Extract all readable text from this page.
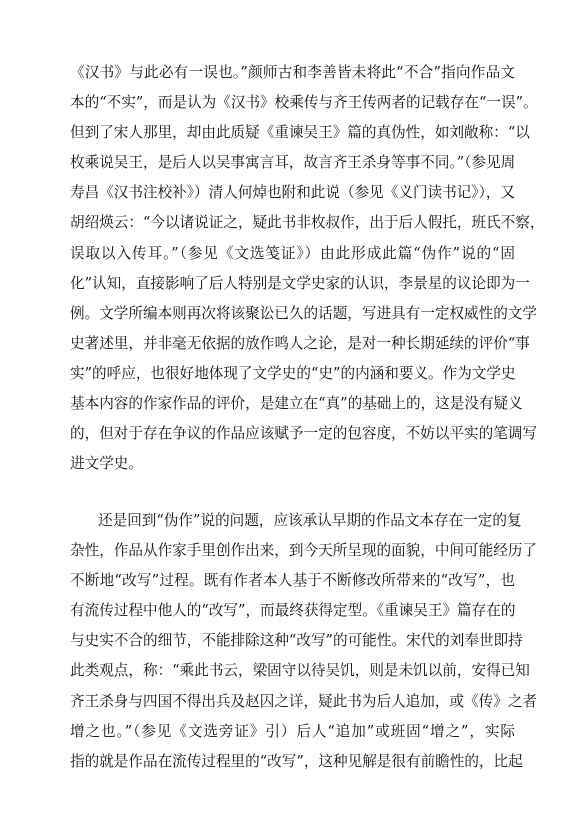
《汉书》与此必有一误也。”颜师古和李善皆未将此“不合”指向作品文
本的“不实”，而是认为《汉书》校乘传与齐王传两者的记载存在“一误”。
但到了宋人那里，却由此质疑《重谏吴王》篇的真伪性，如刘敞称：“以
枚乘说吴王，是后人以吴事寓言耳，故言齐王杀身等事不同。”（参见周
寿昌《汉书注校补》）清人何焯也附和此说（参见《义门读书记》），又
胡绍煐云：“今以诸说证之，疑此书非枚叔作，出于后人假托，班氏不察，
误取以入传耳。”（参见《文选笺证》）由此形成此篇“伪作”说的“固
化”认知，直接影响了后人特别是文学史家的认识，李景星的议论即为一
例。文学所编本则再次将该聚讼已久的话题，写进具有一定权威性的文学
史著述里，并非毫无依据的放作鸣人之论，是对一种长期延续的评价“事
实”的呼应，也很好地体现了文学史的“史”的内涵和要义。作为文学史
基本内容的作家作品的评价，是建立在“真”的基础上的，这是没有疑义
的，但对于存在争议的作品应该赋予一定的包容度，不妨以平实的笔调写
进文学史。
还是回到“伪作”说的问题，应该承认早期的作品文本存在一定的复
杂性，作品从作家手里创作出来，到今天所呈现的面貌，中间可能经历了
不断地“改写”过程。既有作者本人基于不断修改所带来的“改写”，也
有流传过程中他人的“改写”，而最终获得定型。《重谏吴王》篇存在的
与史实不合的细节，不能排除这种“改写”的可能性。宋代的刘奉世即持
此类观点，称：“乘此书云，梁固守以待吴饥，则是未饥以前，安得已知
齐王杀身与四国不得出兵及赵囚之详，疑此书为后人追加，或《传》之者
增之也。”（参见《文选旁证》引）后人“追加”或班固“增之”，实际
指的就是作品在流传过程里的“改写”，这种见解是很有前瞻性的，比起
